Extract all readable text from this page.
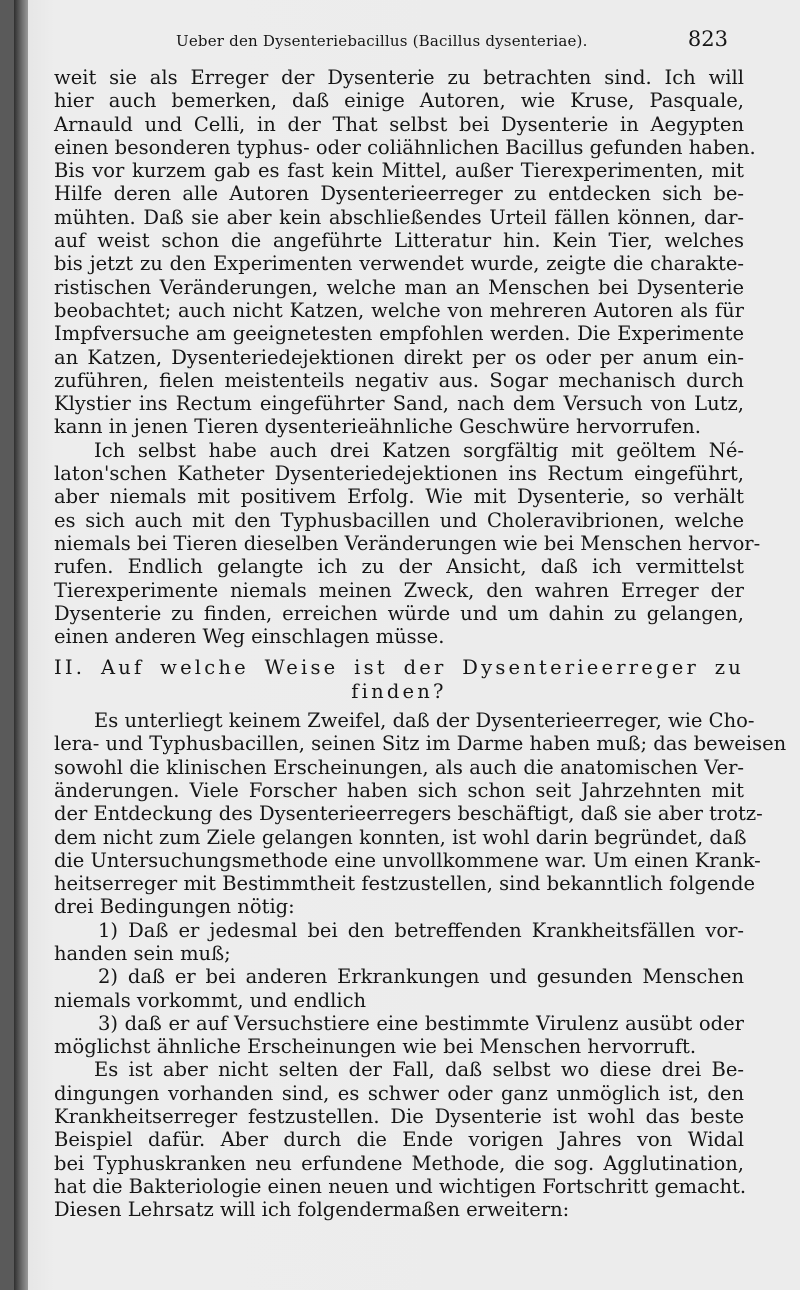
Ueber den Dysenteriebacillus (Bacillus dysenteriae).	823
weit sie als Erreger der Dysenterie zu betrachten sind. Ich will
hier auch bemerken, daß einige Autoren, wie Kruse, Pasquale,
Arnauld und Celli, in der That selbst bei Dysenterie in Aegypten
einen besonderen typhus- oder coliähnlichen Bacillus gefunden haben.
Bis vor kurzem gab es fast kein Mittel, außer Tierexperimenten, mit
Hilfe deren alle Autoren Dysenterieerreger zu entdecken sich be-
mühten. Daß sie aber kein abschließendes Urteil fällen können, dar-
auf weist schon die angeführte Litteratur hin. Kein Tier, welches
bis jetzt zu den Experimenten verwendet wurde, zeigte die charakte-
ristischen Veränderungen, welche man an Menschen bei Dysenterie
beobachtet; auch nicht Katzen, welche von mehreren Autoren als für
Impfversuche am geeignetesten empfohlen werden. Die Experimente
an Katzen, Dysenteriedejektionen direkt per os oder per anum ein-
zuführen, fielen meistenteils negativ aus. Sogar mechanisch durch
Klystier ins Rectum eingeführter Sand, nach dem Versuch von Lutz,
kann in jenen Tieren dysenterieähnliche Geschwüre hervorrufen.
Ich selbst habe auch drei Katzen sorgfältig mit geöltem Né-
laton'schen Katheter Dysenteriedejektionen ins Rectum eingeführt,
aber niemals mit positivem Erfolg. Wie mit Dysenterie, so verhält
es sich auch mit den Typhusbacillen und Choleravibrionen, welche
niemals bei Tieren dieselben Veränderungen wie bei Menschen hervor-
rufen. Endlich gelangte ich zu der Ansicht, daß ich vermittelst
Tierexperimente niemals meinen Zweck, den wahren Erreger der
Dysenterie zu finden, erreichen würde und um dahin zu gelangen,
einen anderen Weg einschlagen müsse.
II. Auf welche Weise ist der Dysenterieerreger zu
finden?
Es unterliegt keinem Zweifel, daß der Dysenterieerreger, wie Cho-
lera- und Typhusbacillen, seinen Sitz im Darme haben muß; das beweisen
sowohl die klinischen Erscheinungen, als auch die anatomischen Ver-
änderungen. Viele Forscher haben sich schon seit Jahrzehnten mit
der Entdeckung des Dysenterieerregers beschäftigt, daß sie aber trotz-
dem nicht zum Ziele gelangen konnten, ist wohl darin begründet, daß
die Untersuchungsmethode eine unvollkommene war. Um einen Krank-
heitserreger mit Bestimmtheit festzustellen, sind bekanntlich folgende
drei Bedingungen nötig:
1) Daß er jedesmal bei den betreffenden Krankheitsfällen vor-
handen sein muß;
2) daß er bei anderen Erkrankungen und gesunden Menschen
niemals vorkommt, und endlich
3) daß er auf Versuchstiere eine bestimmte Virulenz ausübt oder
möglichst ähnliche Erscheinungen wie bei Menschen hervorruft.
Es ist aber nicht selten der Fall, daß selbst wo diese drei Be-
dingungen vorhanden sind, es schwer oder ganz unmöglich ist, den
Krankheitserreger festzustellen. Die Dysenterie ist wohl das beste
Beispiel dafür. Aber durch die Ende vorigen Jahres von Widal
bei Typhuskranken neu erfundene Methode, die sog. Agglutination,
hat die Bakteriologie einen neuen und wichtigen Fortschritt gemacht.
Diesen Lehrsatz will ich folgendermaßen erweitern:
